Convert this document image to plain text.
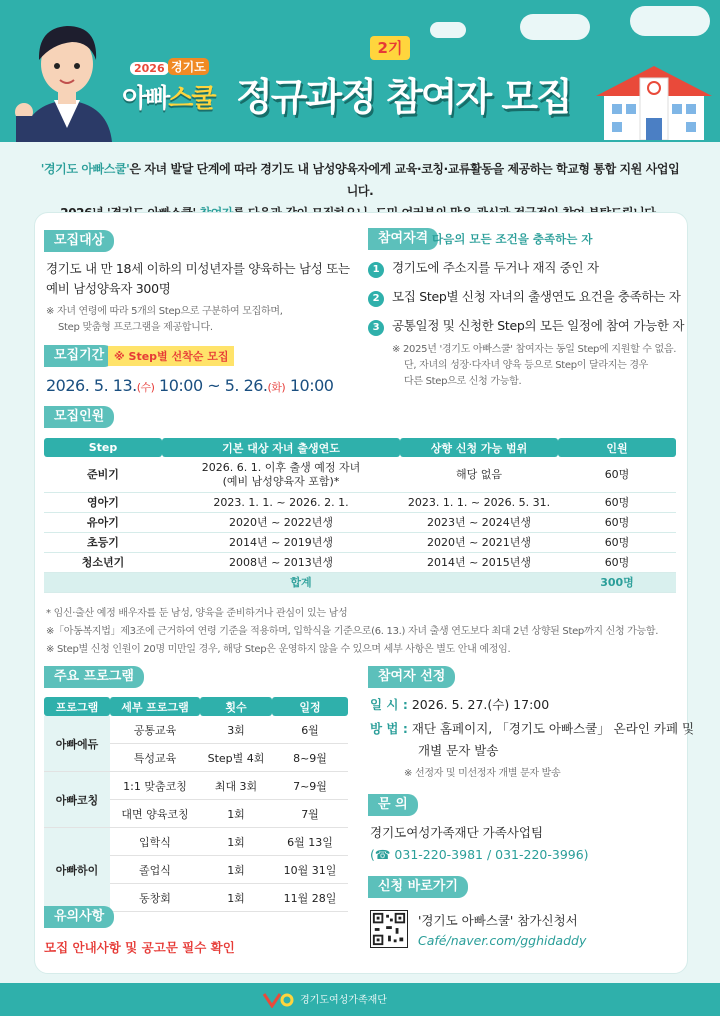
2026 경기도
아빠스쿨
2기
정규과정 참여자 모집
'경기도 아빠스쿨'은 자녀 발달 단계에 따라 경기도 내 남성양육자에게 교육·코칭·교류활동을 제공하는 학교형 통합 지원 사업입니다.
모집대상
경기도 내 만 18세 이하의 미성년자를 양육하는 남성 또는
예비 남성양육자 300명
※ 자녀 연령에 따라 5개의 Step으로 구분하여 모집하며,
Step 맞춤형 프로그램을 제공합니다.
참여자격 다음의 모든 조건을 충족하는 자
1 경기도에 주소지를 두거나 재직 중인 자
2 모집 Step별 신청 자녀의 출생연도 요건을 충족하는 자
3 공통일정 및 신청한 Step의 모든 일정에 참여 가능한 자
※ 2025년 '경기도 아빠스쿨' 참여자는 동일 Step에 지원할 수 없음.
단, 자녀의 성장·다자녀 양육 등으로 Step이 달라지는 경우
다른 Step으로 신청 가능함.
모집기간 ※ Step별 선착순 모집
2026. 5. 13.(수) 10:00 ~ 5. 26.(화) 10:00
모집인원
Step	기본 대상 자녀 출생연도	상향 신청 가능 범위	인원
준비기	2026. 6. 1. 이후 출생 예정 자녀
(예비 남성양육자 포함)*	해당 없음	60명
영아기	2023. 1. 1. ~ 2026. 2. 1.	2023. 1. 1. ~ 2026. 5. 31.	60명
유아기	2020년 ~ 2022년생	2023년 ~ 2024년생	60명
초등기	2014년 ~ 2019년생	2020년 ~ 2021년생	60명
청소년기	2008년 ~ 2013년생	2014년 ~ 2015년생	60명
합계			300명
* 임신·출산 예정 배우자를 둔 남성, 양육을 준비하거나 관심이 있는 남성
※「아동복지법」제3조에 근거하여 연령 기준을 적용하며, 입학식을 기준으로(6. 13.) 자녀 출생 연도보다 최대 2년 상향된 Step까지 신청 가능함.
※ Step별 신청 인원이 20명 미만일 경우, 해당 Step은 운영하지 않을 수 있으며 세부 사항은 별도 안내 예정임.
주요 프로그램
프로그램	세부 프로그램	횟수	일정
아빠에듀	공통교육	3회	6월
	특성교육	Step별 4회	8~9월
아빠코칭	1:1 맞춤코칭	최대 3회	7~9월
	대면 양육코칭	1회	7월
아빠하이	입학식	1회	6월 13일
	졸업식	1회	10월 31일
	동창회	1회	11월 28일
참여자 선정
일 시 : 2026. 5. 27.(수) 17:00
방 법 : 재단 홈페이지, 「경기도 아빠스쿨」 온라인 카페 및
개별 문자 발송
※ 선정자 및 미선정자 개별 문자 발송
문 의
경기도여성가족재단 가족사업팀
(☎ 031-220-3981 / 031-220-3996)
신청 바로가기
'경기도 아빠스쿨' 참가신청서
Café/naver.com/gghidaddy
유의사항
모집 안내사항 및 공고문 필수 확인
경기도여성가족재단
